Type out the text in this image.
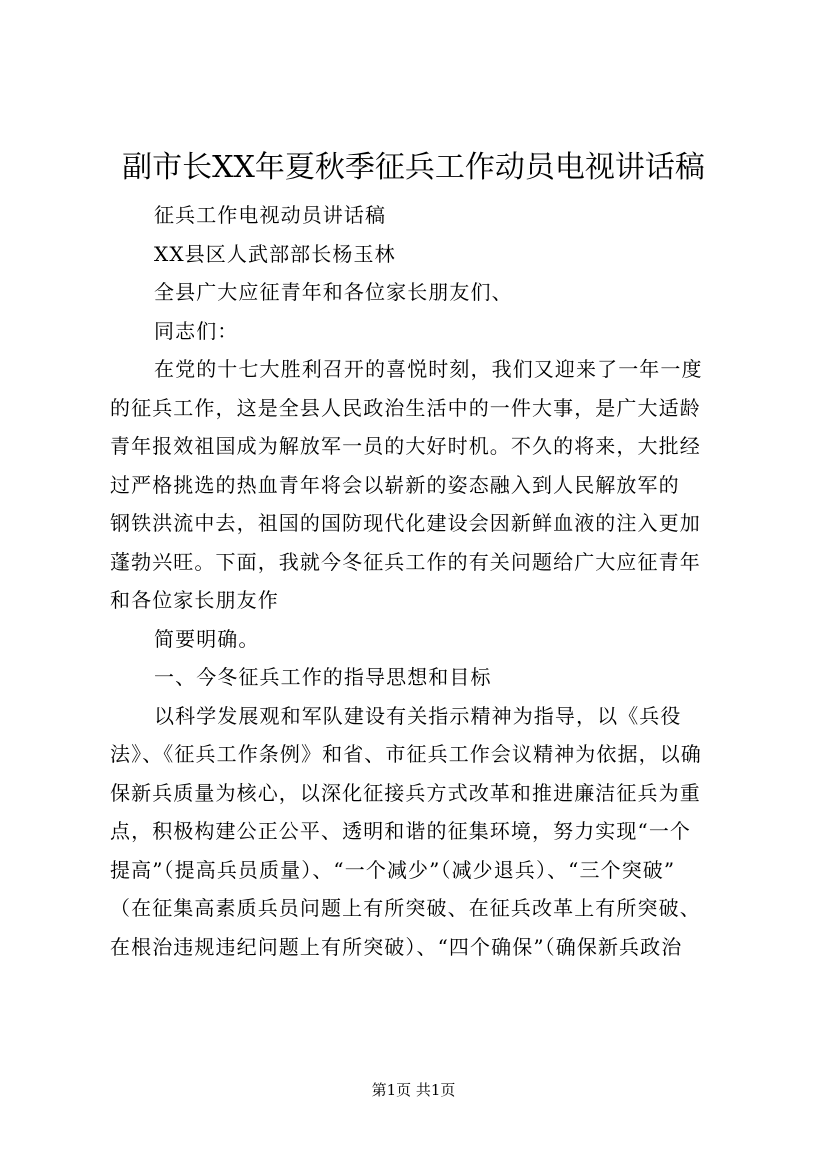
副市长XX年夏秋季征兵工作动员电视讲话稿
征兵工作电视动员讲话稿
XX县区人武部部长杨玉林
全县广大应征青年和各位家长朋友们、
同志们：
在党的十七大胜利召开的喜悦时刻，我们又迎来了一年一度
的征兵工作，这是全县人民政治生活中的一件大事，是广大适龄
青年报效祖国成为解放军一员的大好时机。不久的将来，大批经
过严格挑选的热血青年将会以崭新的姿态融入到人民解放军的
钢铁洪流中去，祖国的国防现代化建设会因新鲜血液的注入更加
蓬勃兴旺。下面，我就今冬征兵工作的有关问题给广大应征青年
和各位家长朋友作
简要明确。
一、今冬征兵工作的指导思想和目标
以科学发展观和军队建设有关指示精神为指导，以《兵役
法》、《征兵工作条例》和省、市征兵工作会议精神为依据，以确
保新兵质量为核心，以深化征接兵方式改革和推进廉洁征兵为重
点，积极构建公正公平、透明和谐的征集环境，努力实现“一个
提高”（提高兵员质量）、“一个减少”（减少退兵）、“三个突破”
（在征集高素质兵员问题上有所突破、在征兵改革上有所突破、
在根治违规违纪问题上有所突破）、“四个确保”（确保新兵政治
第1页 共1页
